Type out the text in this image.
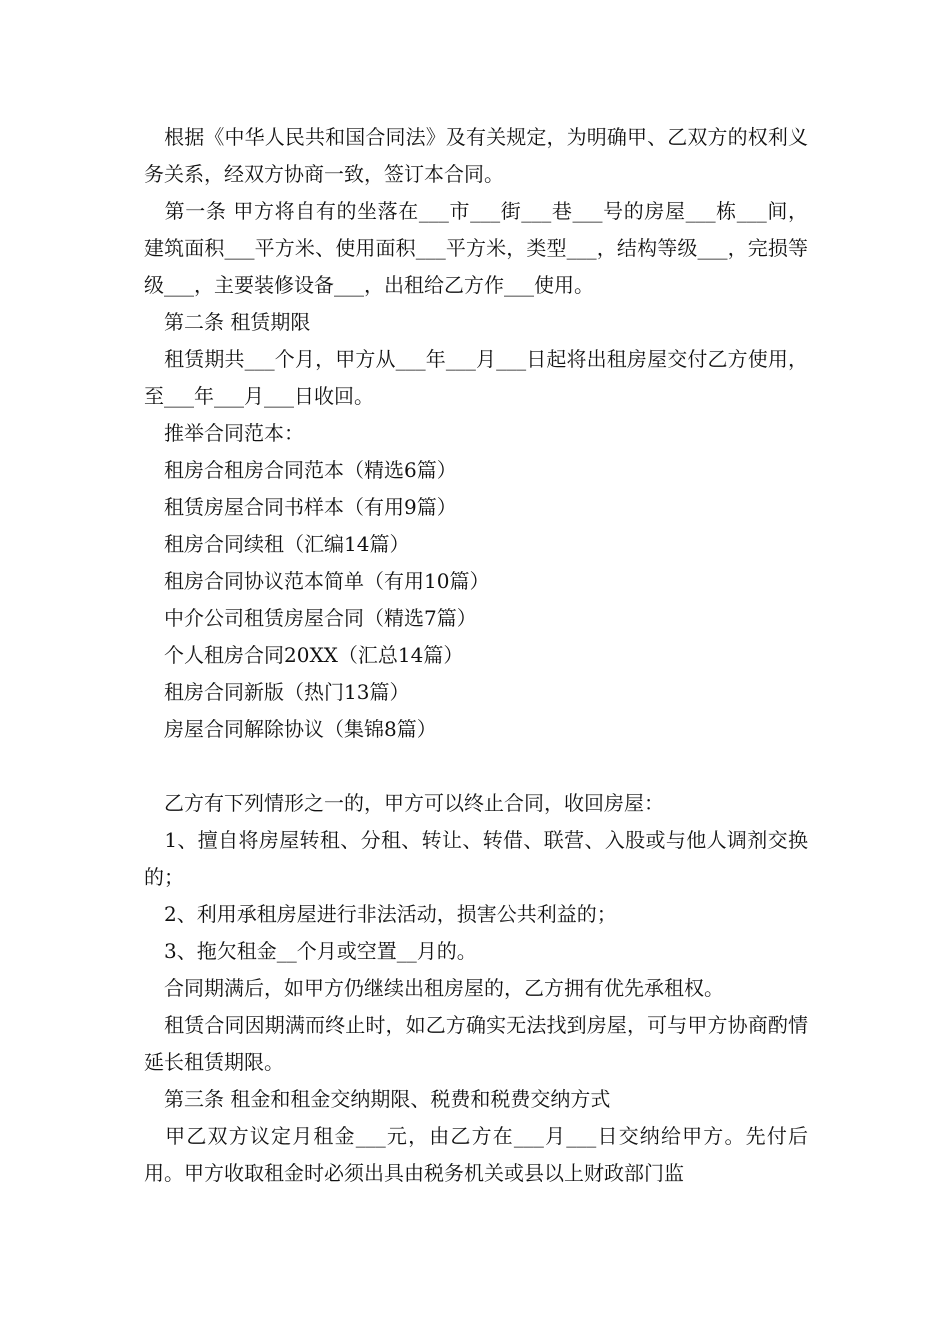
　根据《中华人民共和国合同法》及有关规定，为明确甲、乙双方的权利义务关系，经双方协商一致，签订本合同。

　第一条 甲方将自有的坐落在___市___街___巷___号的房屋___栋___间，建筑面积___平方米、使用面积___平方米，类型___，结构等级___，完损等级___，主要装修设备___，出租给乙方作___使用。

　第二条 租赁期限

　租赁期共___个月，甲方从___年___月___日起将出租房屋交付乙方使用，至___年___月___日收回。

　推举合同范本：

　租房合租房合同范本（精选6篇）

　租赁房屋合同书样本（有用9篇）

　租房合同续租（汇编14篇）

　租房合同协议范本简单（有用10篇）

　中介公司租赁房屋合同（精选7篇）

　个人租房合同20XX（汇总14篇）

　租房合同新版（热门13篇）

　房屋合同解除协议（集锦8篇）

　乙方有下列情形之一的，甲方可以终止合同，收回房屋：

　1、擅自将房屋转租、分租、转让、转借、联营、入股或与他人调剂交换的；

　2、利用承租房屋进行非法活动，损害公共利益的；

　3、拖欠租金__个月或空置__月的。

　合同期满后，如甲方仍继续出租房屋的，乙方拥有优先承租权。

　租赁合同因期满而终止时，如乙方确实无法找到房屋，可与甲方协商酌情延长租赁期限。

　第三条 租金和租金交纳期限、税费和税费交纳方式

　甲乙双方议定月租金___元，由乙方在___月___日交纳给甲方。先付后用。甲方收取租金时必须出具由税务机关或县以上财政部门监
